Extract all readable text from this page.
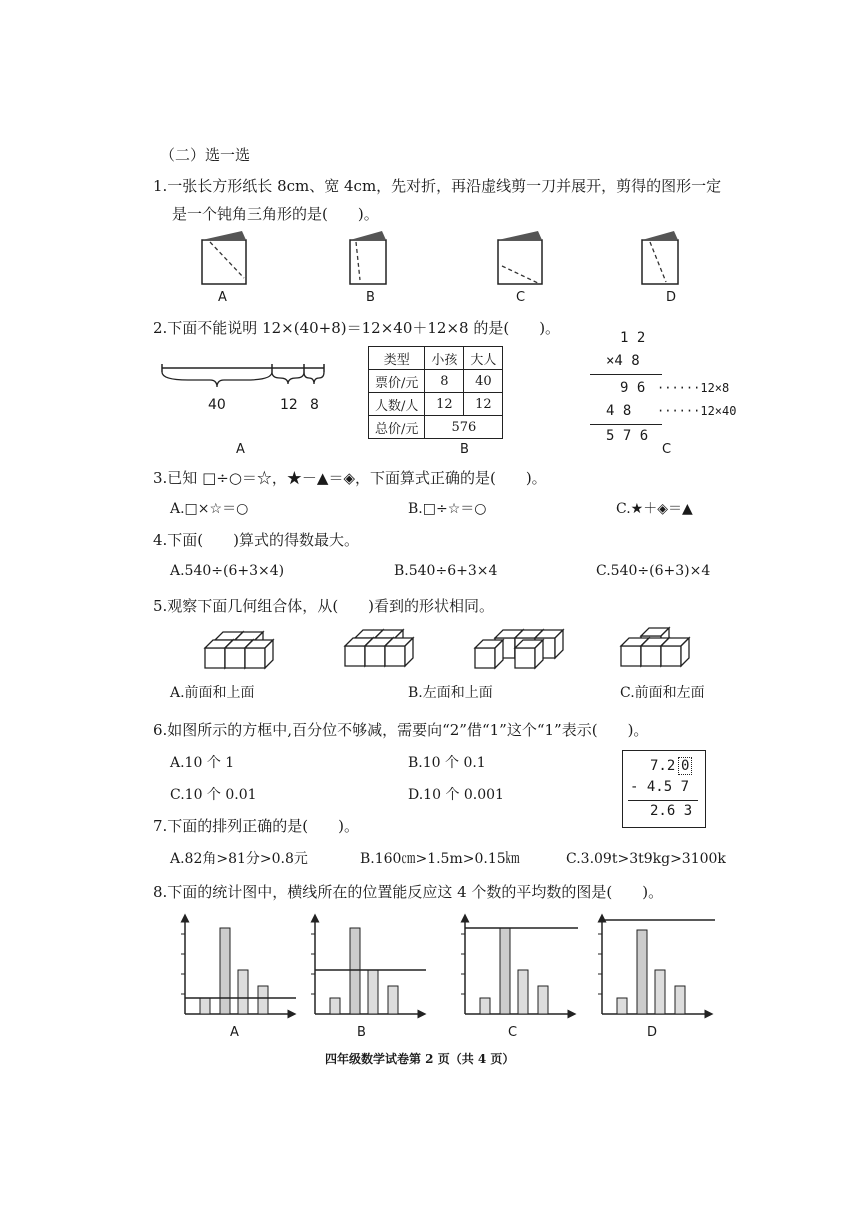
（二）选一选
1.一张长方形纸长 8cm、宽 4cm，先对折，再沿虚线剪一刀并展开，剪得的图形一定
是一个钝角三角形的是(　　)。
A	B	C	D
2.下面不能说明 12×(40+8)＝12×40＋12×8 的是(　　)。
40	12 8
A
类型	小孩	大人
票价/元	8	40
人数/人	12	12
总价/元	576	
B
1 2
×4 8
9 6 ······12×8
4 8 ······12×40
5 7 6
C
3.已知 □÷○＝☆，★－▲＝◈，下面算式正确的是(　　)。
A.□×☆＝○	B.□÷☆＝○	C.★＋◈＝▲
4.下面(　　)算式的得数最大。
A.540÷(6+3×4)	B.540÷6+3×4	C.540÷(6+3)×4
5.观察下面几何组合体，从(　　)看到的形状相同。
A.前面和上面	B.左面和上面	C.前面和左面
6.如图所示的方框中,百分位不够减，需要向“2”借“1”这个“1”表示(　　)。
A.10 个 1	B.10 个 0.1
C.10 个 0.01	D.10 个 0.001
7.2 0
- 4.5 7
2.6 3
7.下面的排列正确的是(　　)。
A.82角>81分>0.8元	B.160㎝>1.5m>0.15㎞	C.3.09t>3t9kg>3100k
8.下面的统计图中，横线所在的位置能反应这 4 个数的平均数的图是(　　)。
A	B	C	D
四年级数学试卷第 2 页（共 4 页）
